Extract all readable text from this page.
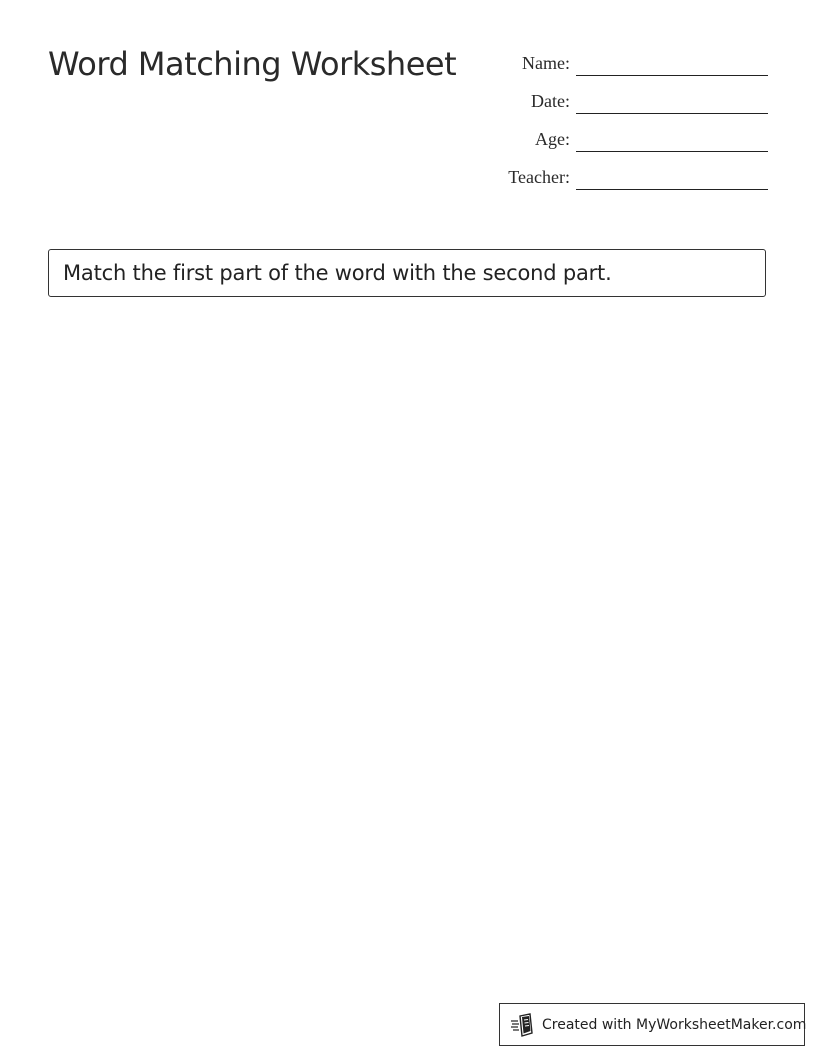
Word Matching Worksheet	Name:
Date:
Age:
Teacher:
Match the first part of the word with the second part.
Created with MyWorksheetMaker.com
